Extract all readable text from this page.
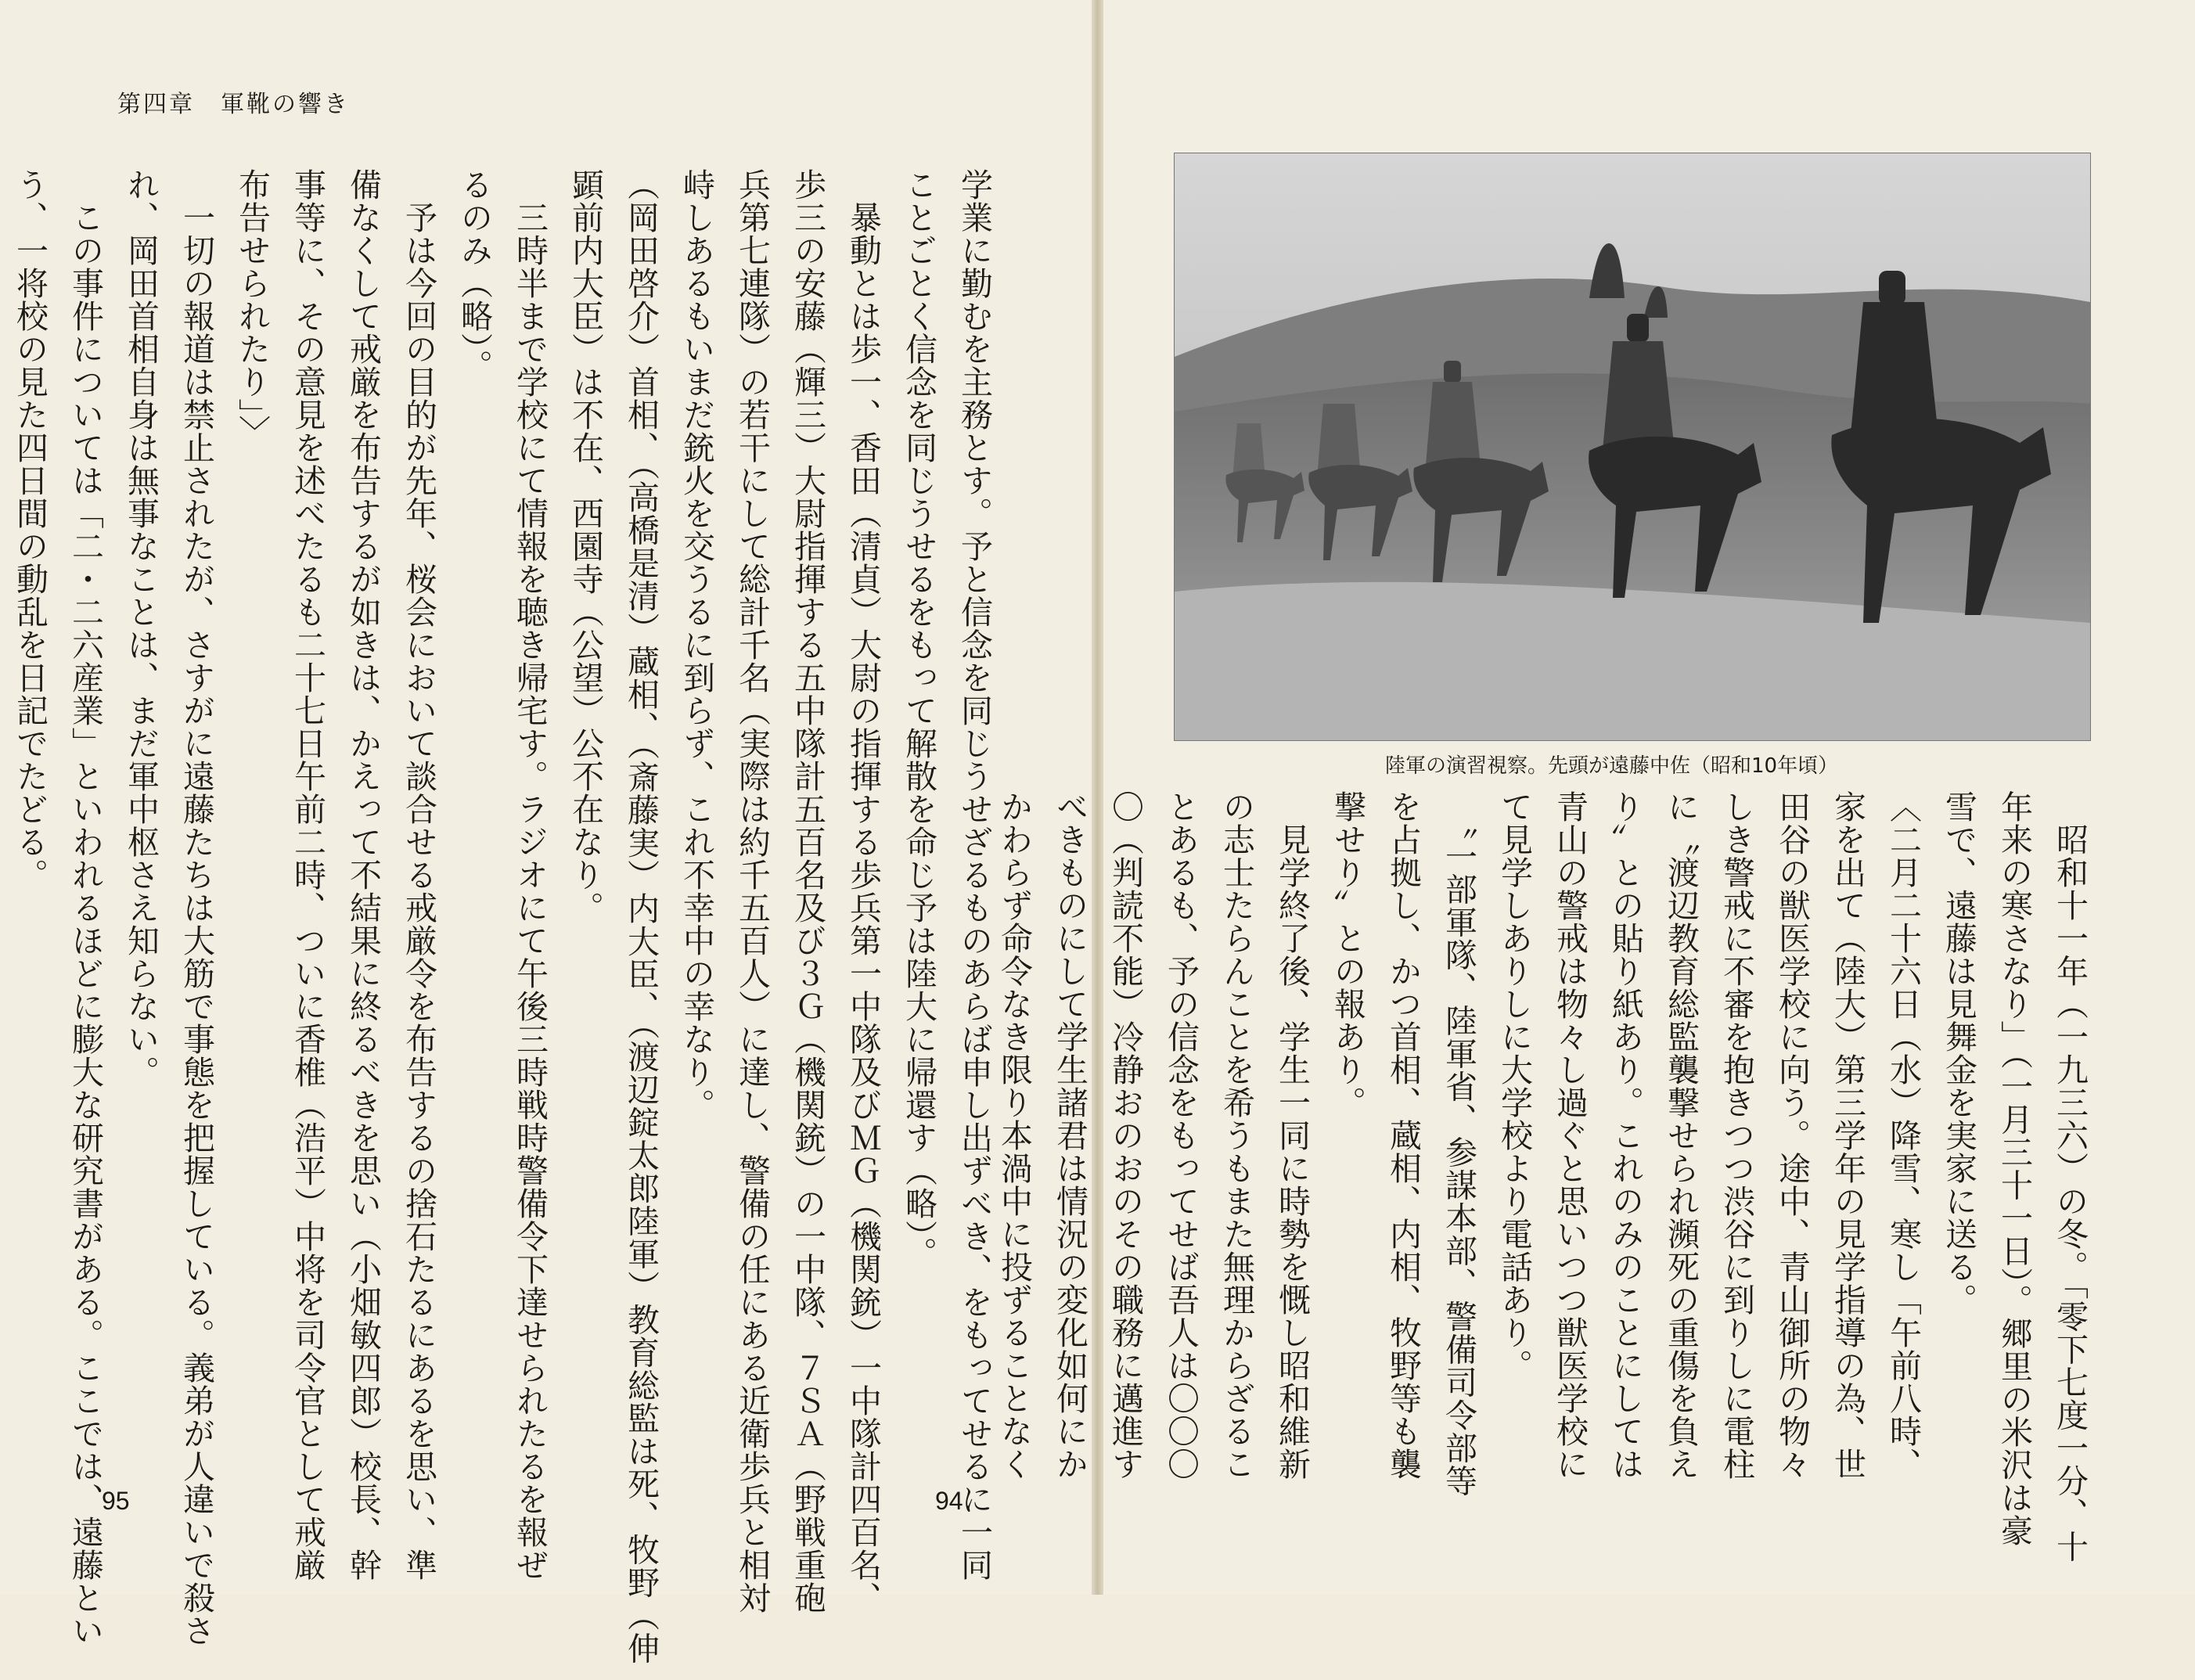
第四章　軍靴の響き
学業に勤むを主務とす。予と信念を同じうせざるものあらば申し出ずべき、をもってせるに一同
ことごとく信念を同じうせるをもって解散を命じ予は陸大に帰還す（略）。
　暴動とは歩一、香田（清貞）大尉の指揮する歩兵第一中隊及びＭＧ（機関銃）一中隊計四百名、
歩三の安藤（輝三）大尉指揮する五中隊計五百名及び３Ｇ（機関銃）の一中隊、７ＳＡ（野戦重砲
兵第七連隊）の若干にして総計千名（実際は約千五百人）に達し、警備の任にある近衛歩兵と相対
峙しあるもいまだ銃火を交うるに到らず、これ不幸中の幸なり。
（岡田啓介）首相、（高橋是清）蔵相、（斎藤実）内大臣、（渡辺錠太郎陸軍）教育総監は死、牧野（伸
顕前内大臣）は不在、西園寺（公望）公不在なり。
　三時半まで学校にて情報を聴き帰宅す。ラジオにて午後三時戦時警備令下達せられたるを報ぜ
るのみ（略）。
　予は今回の目的が先年、桜会において談合せる戒厳令を布告するの捨石たるにあるを思い、準
備なくして戒厳を布告するが如きは、かえって不結果に終るべきを思い（小畑敏四郎）校長、幹
事等に、その意見を述べたるも二十七日午前二時、ついに香椎（浩平）中将を司令官として戒厳
布告せられたり」〉
　一切の報道は禁止されたが、さすがに遠藤たちは大筋で事態を把握している。義弟が人違いで殺さ
れ、岡田首相自身は無事なことは、まだ軍中枢さえ知らない。
　この事件については「二・二六産業」といわれるほどに膨大な研究書がある。ここでは、遠藤とい
う、一将校の見た四日間の動乱を日記でたどる。
95
陸軍の演習視察。先頭が遠藤中佐（昭和10年頃）
　昭和十一年（一九三六）の冬。「零下七度一分、十
年来の寒さなり」（一月三十一日）。郷里の米沢は豪
雪で、遠藤は見舞金を実家に送る。
〈二月二十六日（水）降雪、寒し「午前八時、
家を出て（陸大）第三学年の見学指導の為、世
田谷の獣医学校に向う。途中、青山御所の物々
しき警戒に不審を抱きつつ渋谷に到りしに電柱
に〝渡辺教育総監襲撃せられ瀕死の重傷を負え
り〟との貼り紙あり。これのみのことにしては
青山の警戒は物々し過ぐと思いつつ獣医学校に
て見学しありしに大学校より電話あり。
　〝一部軍隊、陸軍省、参謀本部、警備司令部等
を占拠し、かつ首相、蔵相、内相、牧野等も襲
撃せり〟との報あり。
　見学終了後、学生一同に時勢を慨し昭和維新
の志士たらんことを希うもまた無理からざるこ
とあるも、予の信念をもってせば吾人は〇〇〇
〇（判読不能）冷静おのおのその職務に邁進す
べきものにして学生諸君は情況の変化如何にか
かわらず命令なき限り本渦中に投ずることなく
94
